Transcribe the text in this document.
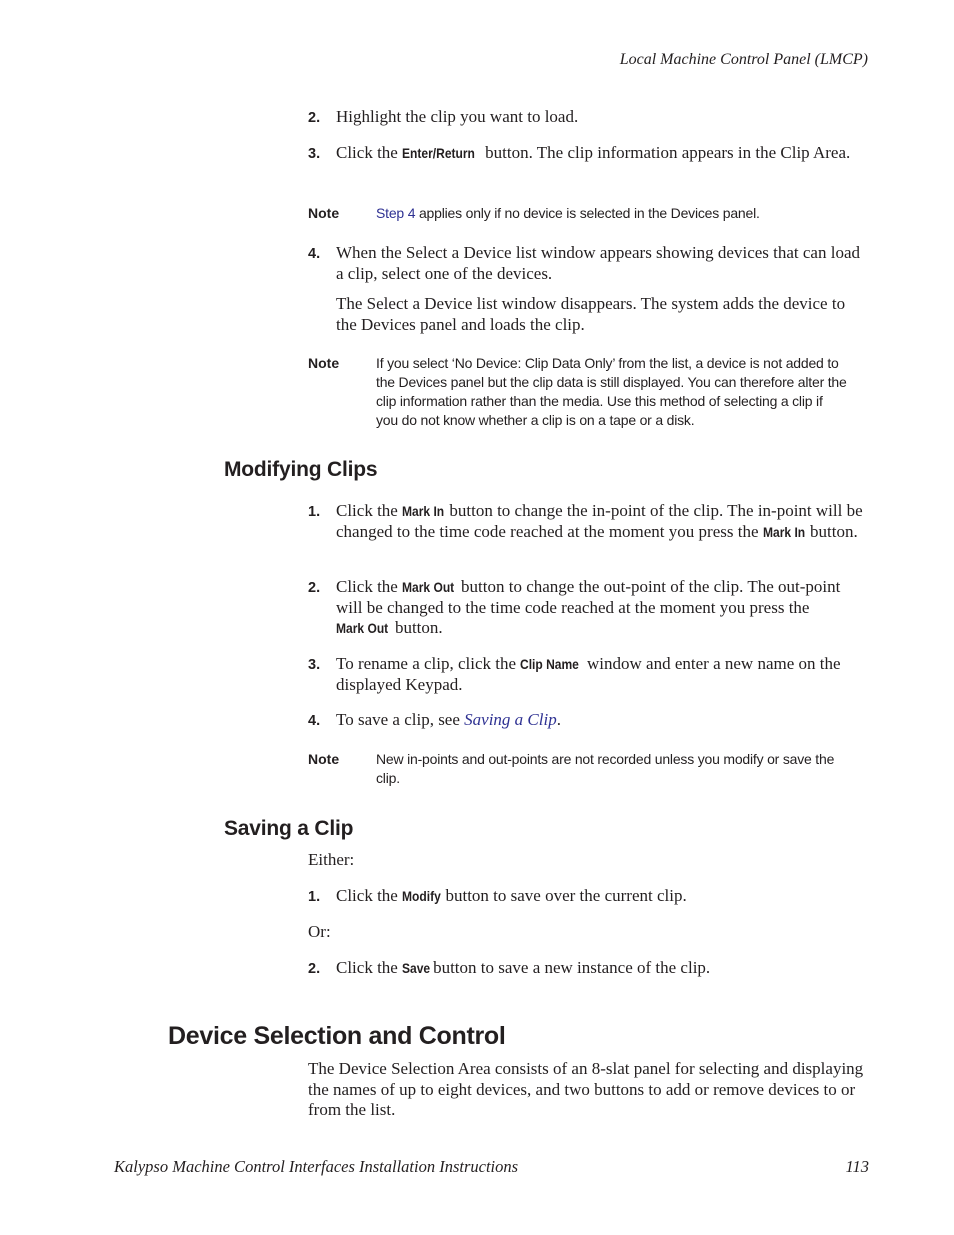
Local Machine Control Panel (LMCP)
2. Highlight the clip you want to load.
3. Click the Enter/Return button. The clip information appears in the Clip Area.
Note	Step 4 applies only if no device is selected in the Devices panel.
4. When the Select a Device list window appears showing devices that can load a clip, select one of the devices.

The Select a Device list window disappears. The system adds the device to the Devices panel and loads the clip.

Note	If you select ‘No Device: Clip Data Only’ from the list, a device is not added to the Devices panel but the clip data is still displayed. You can therefore alter the clip information rather than the media. Use this method of selecting a clip if you do not know whether a clip is on a tape or a disk.
Modifying Clips
1. Click the Mark In button to change the in-point of the clip. The in-point will be changed to the time code reached at the moment you press the Mark In button.
2. Click the Mark Out button to change the out-point of the clip. The out-point will be changed to the time code reached at the moment you press the Mark Out button.
3. To rename a clip, click the Clip Name window and enter a new name on the displayed Keypad.
4. To save a clip, see Saving a Clip.
Note	New in-points and out-points are not recorded unless you modify or save the clip.
Saving a Clip
Either:
1. Click the Modify button to save over the current clip.
Or:
2. Click the Save button to save a new instance of the clip.
Device Selection and Control
The Device Selection Area consists of an 8-slat panel for selecting and displaying the names of up to eight devices, and two buttons to add or remove devices to or from the list.
Kalypso Machine Control Interfaces Installation Instructions	113
